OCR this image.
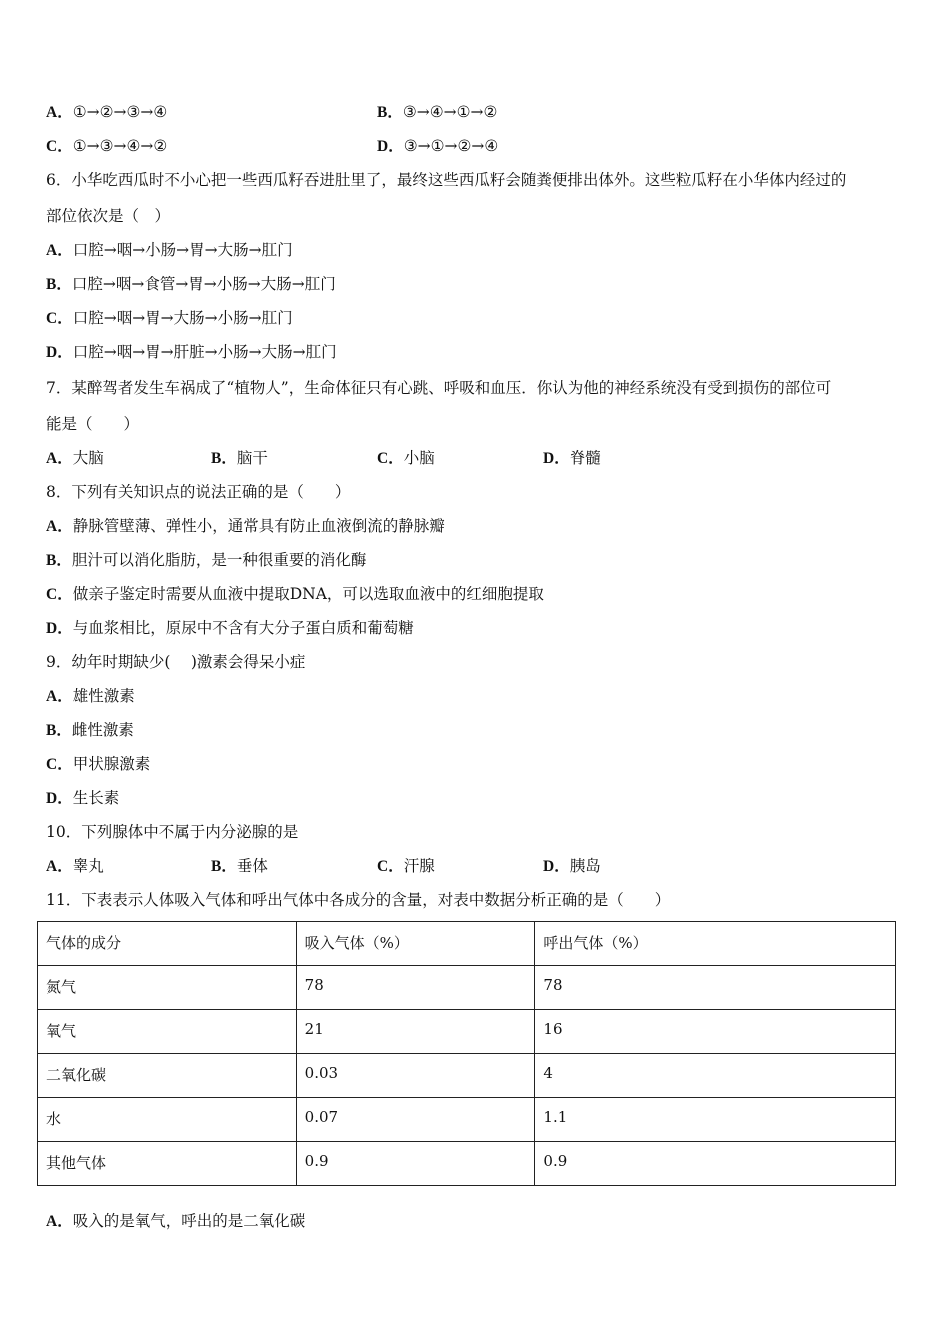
A．①→②→③→④	B．③→④→①→②
C．①→③→④→②	D．③→①→②→④
6．小华吃西瓜时不小心把一些西瓜籽吞进肚里了，最终这些西瓜籽会随粪便排出体外。这些粒瓜籽在小华体内经过的
部位依次是（　）
A．口腔→咽→小肠→胃→大肠→肛门
B．口腔→咽→食管→胃→小肠→大肠→肛门
C．口腔→咽→胃→大肠→小肠→肛门
D．口腔→咽→胃→肝脏→小肠→大肠→肛门
7．某醉驾者发生车祸成了“植物人”，生命体征只有心跳、呼吸和血压．你认为他的神经系统没有受到损伤的部位可
能是（　　）
A．大脑	B．脑干	C．小脑	D．脊髓
8．下列有关知识点的说法正确的是（　　）
A．静脉管壁薄、弹性小，通常具有防止血液倒流的静脉瓣
B．胆汁可以消化脂肪，是一种很重要的消化酶
C．做亲子鉴定时需要从血液中提取DNA，可以选取血液中的红细胞提取
D．与血浆相比，原尿中不含有大分子蛋白质和葡萄糖
9．幼年时期缺少(　 )激素会得呆小症
A．雄性激素
B．雌性激素
C．甲状腺激素
D．生长素
10．下列腺体中不属于内分泌腺的是
A．睾丸	B．垂体	C．汗腺	D．胰岛
11．下表表示人体吸入气体和呼出气体中各成分的含量，对表中数据分析正确的是（　　）
气体的成分	吸入气体（%）	呼出气体（%）
氮气	78	78
氧气	21	16
二氧化碳	0.03	4
水	0.07	1.1
其他气体	0.9	0.9
A．吸入的是氧气，呼出的是二氧化碳
